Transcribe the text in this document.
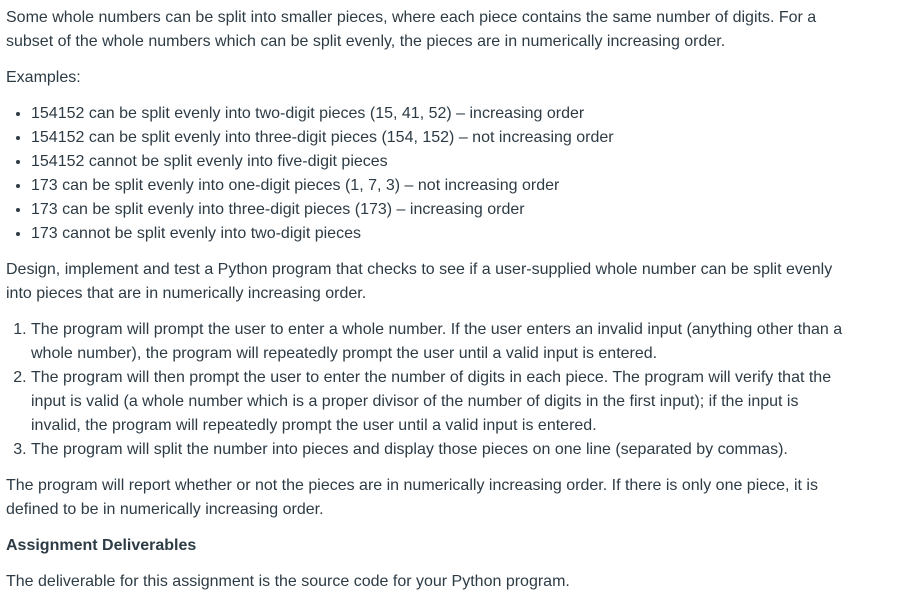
Some whole numbers can be split into smaller pieces, where each piece contains the same number of digits. For a subset of the whole numbers which can be split evenly, the pieces are in numerically increasing order.

Examples:

• 154152 can be split evenly into two-digit pieces (15, 41, 52) – increasing order
• 154152 can be split evenly into three-digit pieces (154, 152) – not increasing order
• 154152 cannot be split evenly into five-digit pieces
• 173 can be split evenly into one-digit pieces (1, 7, 3) – not increasing order
• 173 can be split evenly into three-digit pieces (173) – increasing order
• 173 cannot be split evenly into two-digit pieces

Design, implement and test a Python program that checks to see if a user-supplied whole number can be split evenly into pieces that are in numerically increasing order.

1. The program will prompt the user to enter a whole number. If the user enters an invalid input (anything other than a whole number), the program will repeatedly prompt the user until a valid input is entered.
2. The program will then prompt the user to enter the number of digits in each piece. The program will verify that the input is valid (a whole number which is a proper divisor of the number of digits in the first input); if the input is invalid, the program will repeatedly prompt the user until a valid input is entered.
3. The program will split the number into pieces and display those pieces on one line (separated by commas).

The program will report whether or not the pieces are in numerically increasing order. If there is only one piece, it is defined to be in numerically increasing order.

Assignment Deliverables

The deliverable for this assignment is the source code for your Python program.
